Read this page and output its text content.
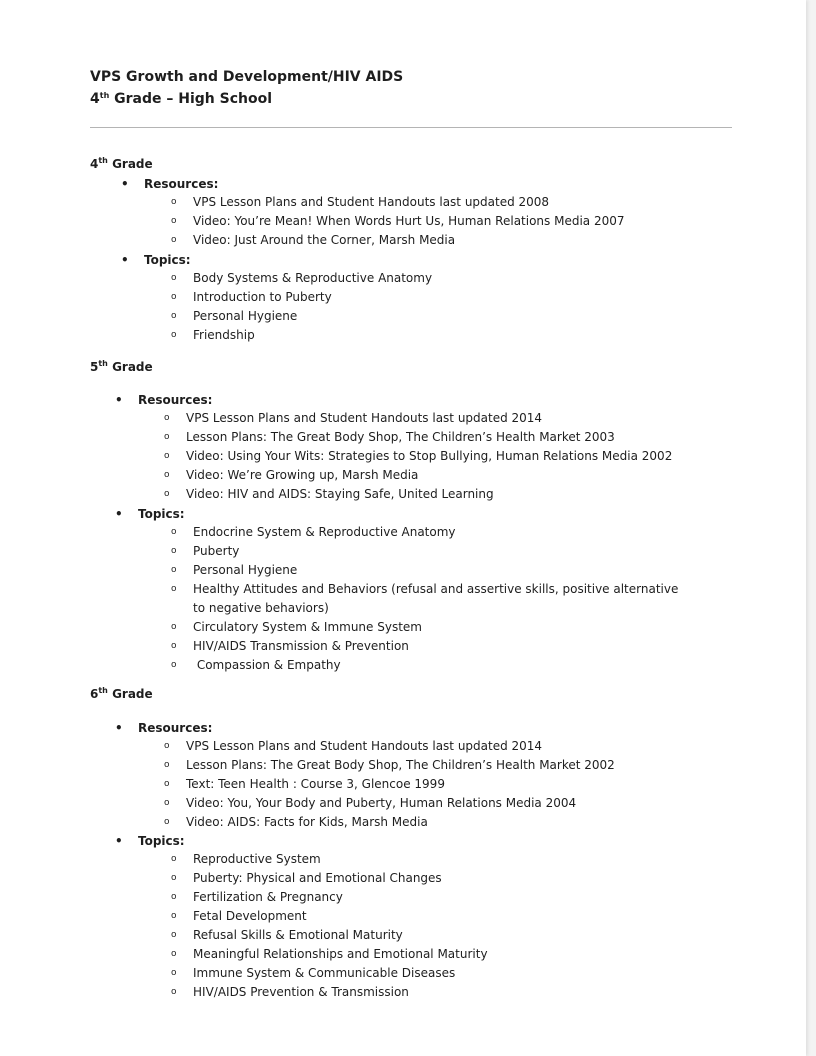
VPS Growth and Development/HIV AIDS
4th Grade – High School
4th Grade
• Resources:
o VPS Lesson Plans and Student Handouts last updated 2008
o Video: You’re Mean! When Words Hurt Us, Human Relations Media 2007
o Video: Just Around the Corner, Marsh Media
• Topics:
o Body Systems & Reproductive Anatomy
o Introduction to Puberty
o Personal Hygiene
o Friendship
5th Grade
• Resources:
o VPS Lesson Plans and Student Handouts last updated 2014
o Lesson Plans: The Great Body Shop, The Children’s Health Market 2003
o Video: Using Your Wits: Strategies to Stop Bullying, Human Relations Media 2002
o Video: We’re Growing up, Marsh Media
o Video: HIV and AIDS: Staying Safe, United Learning
• Topics:
o Endocrine System & Reproductive Anatomy
o Puberty
o Personal Hygiene
o Healthy Attitudes and Behaviors (refusal and assertive skills, positive alternative to negative behaviors)
o Circulatory System & Immune System
o HIV/AIDS Transmission & Prevention
o Compassion & Empathy
6th Grade
• Resources:
o VPS Lesson Plans and Student Handouts last updated 2014
o Lesson Plans: The Great Body Shop, The Children’s Health Market 2002
o Text: Teen Health : Course 3, Glencoe 1999
o Video: You, Your Body and Puberty, Human Relations Media 2004
o Video: AIDS: Facts for Kids, Marsh Media
• Topics:
o Reproductive System
o Puberty: Physical and Emotional Changes
o Fertilization & Pregnancy
o Fetal Development
o Refusal Skills & Emotional Maturity
o Meaningful Relationships and Emotional Maturity
o Immune System & Communicable Diseases
o HIV/AIDS Prevention & Transmission
